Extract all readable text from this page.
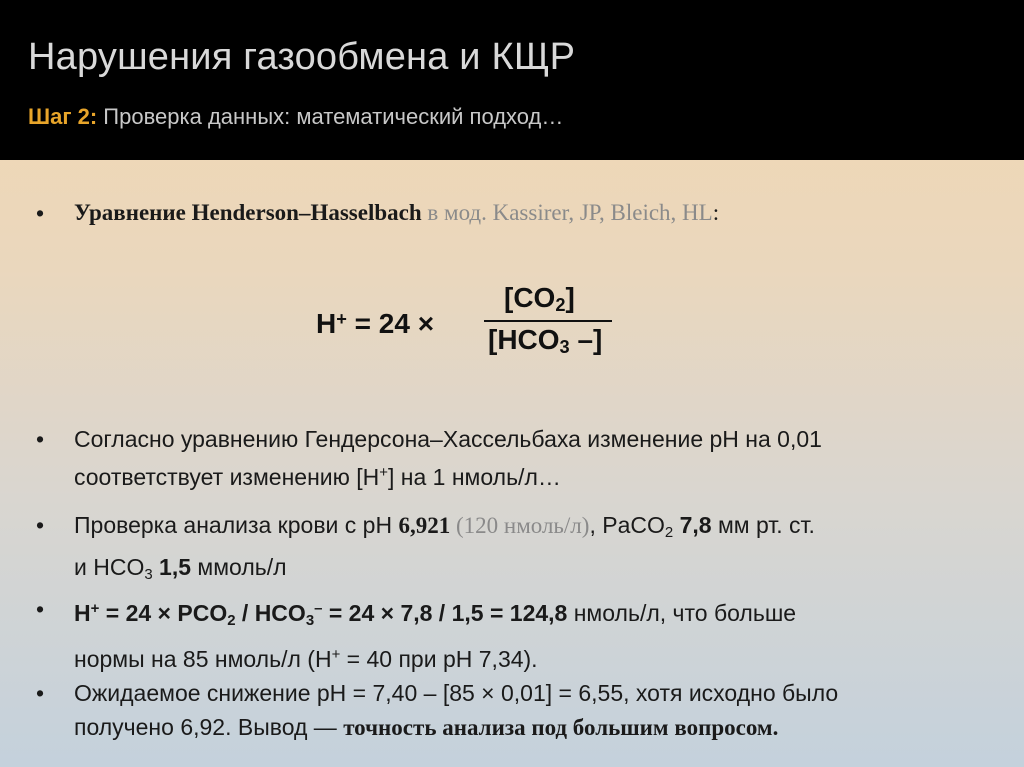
Нарушения газообмена и КЩР
Шаг 2: Проверка данных: математический подход…
• Уравнение Henderson–Hasselbach в мод. Kassirer, JP, Bleich, HL:
H+ = 24 ×
$[CO_2]$
[$HCO_3$ –]
• Согласно уравнению Гендерсона–Хассельбаха изменение рН на 0,01
соответствует изменению [H+] на 1 нмоль/л…
• Проверка анализа крови с pH 6,921 (120 нмоль/л), PaCO$_2$ 7,8 мм рт. ст.
и $HCO_3$ 1,5 ммоль/л
• $H^+ = 24 \times PCO_2 / HCO_3^- = 24 \times 7,8 / 1,5 = 124,8$ нмоль/л, что больше
нормы на 85 нмоль/л (H+ = 40 при pH 7,34).
• Ожидаемое снижение pH = 7,40 – [85 × 0,01] = 6,55, хотя исходно было
получено 6,92. Вывод — точность анализа под большим вопросом.
